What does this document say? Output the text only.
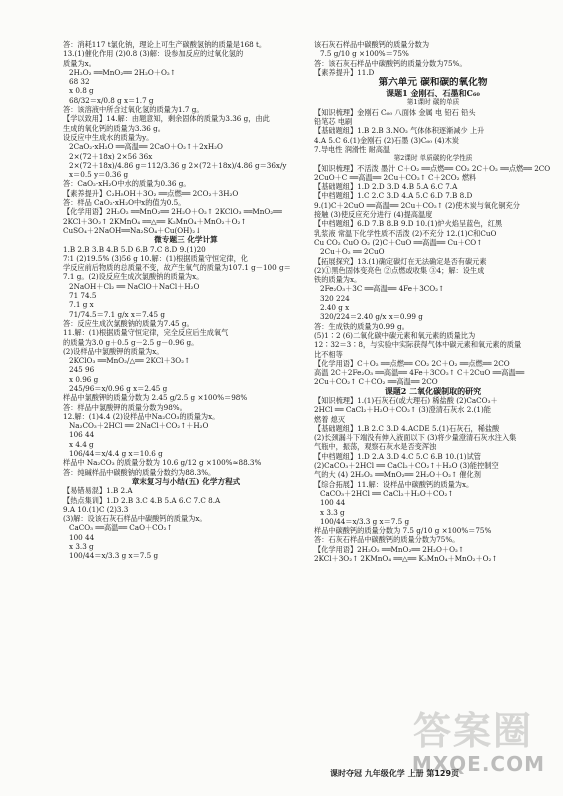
答：消耗117 t氯化钠，理论上可生产碳酸氢钠的质量是168 t。
13.(1)催化作用 (2)0.8 (3)解：设参加反应的过氧化氢的
质量为x。
2H₂O₂ ══MnO₂══ 2H₂O＋O₂↑
68 32
x 0.8 g
68/32＝x/0.8 g x＝1.7 g
答：该溶液中所含过氧化氢的质量为1.7 g。
【学以致用】14.解：由题意知，剩余固体的质量为3.36 g，由此
生成的氧化钙的质量为3.36 g。
设反应中生成水的质量为y。
2CaO₂·xH₂O ══高温══ 2CaO＋O₂↑＋2xH₂O
2×(72＋18x) 2×56 36x
2×(72＋18x)/4.86 g＝112/3.36 g 2×(72＋18x)/4.86 g＝36x/y
x＝0.5 y＝0.36 g
答：CaO₂·xH₂O中水的质量为0.36 g。
【素养提升】C₂H₅OH＋3O₂ ══点燃══ 2CO₂＋3H₂O
答：样品 CaO₂·xH₂O中x的值为0.5。
【化学用语】2H₂O₂ ══MnO₂══ 2H₂O＋O₂↑ 2KClO₃ ══MnO₂══
2KCl＋3O₂↑ 2KMnO₄ ══△══ K₂MnO₄＋MnO₂＋O₂↑
CuSO₄＋2NaOH══Na₂SO₄＋Cu(OH)₂↓
微专题三 化学计算
1.B 2.B 3.B 4.B 5.D 6.B 7.C 8.D 9.(1)20
7∶1 (2)19.5% (3)56 g 10.解：(1)根据质量守恒定律，化
学反应前后物质的总质量不变，故产生氧气的质量为107.1 g－100 g＝
7.1 g。(2)设反应生成次氯酸钠的质量为x。
2NaOH＋Cl₂ ══ NaClO＋NaCl＋H₂O
71 74.5
7.1 g x
71/74.5＝7.1 g/x x＝7.45 g
答：反应生成次氯酸钠的质量为7.45 g。
11.解：(1)根据质量守恒定律，完全反应后生成氧气
的质量为3.0 g＋0.5 g－2.5 g－0.96 g。
(2)设样品中氯酸钾的质量为x。
2KClO₃ ══MnO₂/△══ 2KCl＋3O₂↑
245 96
x 0.96 g
245/96＝x/0.96 g x＝2.45 g
样品中氯酸钾的质量分数为 2.45 g/2.5 g ×100%＝98%
答：样品中氯酸钾的质量分数为98%。
12.解：(1)4.4 (2)设样品中Na₂CO₃的质量为x。
Na₂CO₃＋2HCl ══ 2NaCl＋CO₂↑＋H₂O
106 44
x 4.4 g
106/44＝x/4.4 g x＝10.6 g
样品中 Na₂CO₃ 的质量分数为 10.6 g/12 g ×100%≈88.3%
答：纯碱样品中碳酸钠的质量分数约为88.3%。
章末复习与小结(五) 化学方程式
【易错易混】1.B 2.A
【热点集训】1.D 2.B 3.C 4.B 5.A 6.C 7.C 8.A
9.A 10.(1)C (2)3.3
(3)解：设该石灰石样品中碳酸钙的质量为x。
CaCO₃ ══高温══ CaO＋CO₂↑
100 44
x 3.3 g
100/44＝x/3.3 g x＝7.5 g
该石灰石样品中碳酸钙的质量分数为
7.5 g/10 g ×100%＝75%
答：该石灰石样品中碳酸钙的质量分数为75%。
【素养提升】11.D
第六单元 碳和碳的氧化物
课题1 金刚石、石墨和C₆₀
第1课时 碳的单质
【知识梳理】金刚石 C₆₀ 八面体 金属 电 铅石 铅头
铅笔芯 电刷
【基础题组】1.B 2.B 3.NO₂ 气体体积逐渐减少 上升
4.A 5.C 6.(1)金刚石 (2)石墨 (3)C₆₀ (4)木炭
7.导电性 润滑性 耐高温
第2课时 单质碳的化学性质
【知识梳理】不活泼 墨汁 C＋O₂ ══点燃══ CO₂ 2C＋O₂ ══点燃══ 2CO
2CuO＋C ══高温══ 2Cu＋CO₂↑ C＋2CO₂ 燃料
【基础题组】1.D 2.D 3.D 4.B 5.A 6.C 7.A
【中档题组】1.C 2.C 3.D 4.A 5.C 6.D 7.B 8.D
9.(1)C＋2CuO ══高温══ 2Cu＋CO₂↑ (2)使木炭与氧化铜充分
接触 (3)使反应充分进行 (4)提高温度
【中档题组】6.D 7.B 8.B 9.D 10.(1)炉火焰呈蓝色，红黑
乳浆液 常温下化学性质不活泼 (2)不充分 12.(1)C和CuO
Cu CO₂ CuO O₂ (2)C＋CuO ══高温══ Cu＋CO↑
2Cu＋O₂ ══ 2CuO
【拓展探究】13.(1)确定碳灯在无法确定是否有碳元素
(2)①黑色固体变亮色 ②点燃或收集 ③4；解：设生成
铁的质量为x。
2Fe₂O₃＋3C ══高温══ 4Fe＋3CO₂↑
320 224
2.40 g x
320/224＝2.40 g/x x＝0.99 g
答：生成铁的质量为0.99 g。
(5)1∶2 (6)二氧化碳中碳元素和氧元素的质量比为
12∶32＝3∶8，与实验中实际获得气体中碳元素和氧元素的质量
比不相等
【化学用语】C＋O₂ ══点燃══ CO₂ 2C＋O₂ ══点燃══ 2CO
高温 2C＋2Fe₂O₃ ══高温══ 4Fe＋3CO₂↑ C＋2CuO ══高温══
2Cu＋CO₂↑ C＋CO₂ ══高温══ 2CO
课题2 二氧化碳制取的研究
【知识梳理】1.(1)石灰石(或大理石) 稀盐酸 (2)CaCO₃＋
2HCl ══ CaCl₂＋H₂O＋CO₂↑ (3)澄清石灰水 2.(1)能
燃着 熄灭
【基础题组】1.B 2.C 3.D 4.ACDE 5.(1)石灰石，稀盐酸
(2)长颈漏斗下端没有伸入液面以下 (3)将少量澄清石灰水注入集
气瓶中，振荡，观察石灰水是否变浑浊
【中档题组】1.D 2.A 3.D 4.C 5.C 6.B 10.(1)试管
(2)CaCO₃＋2HCl ══ CaCl₂＋CO₂↑＋H₂O (3)能控制空
气的大 (4) 2H₂O₂ ══MnO₂══ 2H₂O＋O₂↑ 催化剂
【综合拓展】11.解：设样品中碳酸钙的质量为x。
CaCO₃＋2HCl ══ CaCl₂＋H₂O＋CO₂↑
100 44
x 3.3 g
100/44＝x/3.3 g x＝7.5 g
样品中碳酸钙的质量分数为 7.5 g/10 g ×100%＝75%
答：石灰石样品中碳酸钙的质量分数为75%。
【化学用语】2H₂O₂ ══MnO₂══ 2H₂O＋O₂↑
2KCl＋3O₂↑ 2KMnO₄ ══△══ K₂MnO₄＋MnO₂＋O₂↑
答案圈
MXQE.COM
课时夺冠 九年级化学 上册 第129页
